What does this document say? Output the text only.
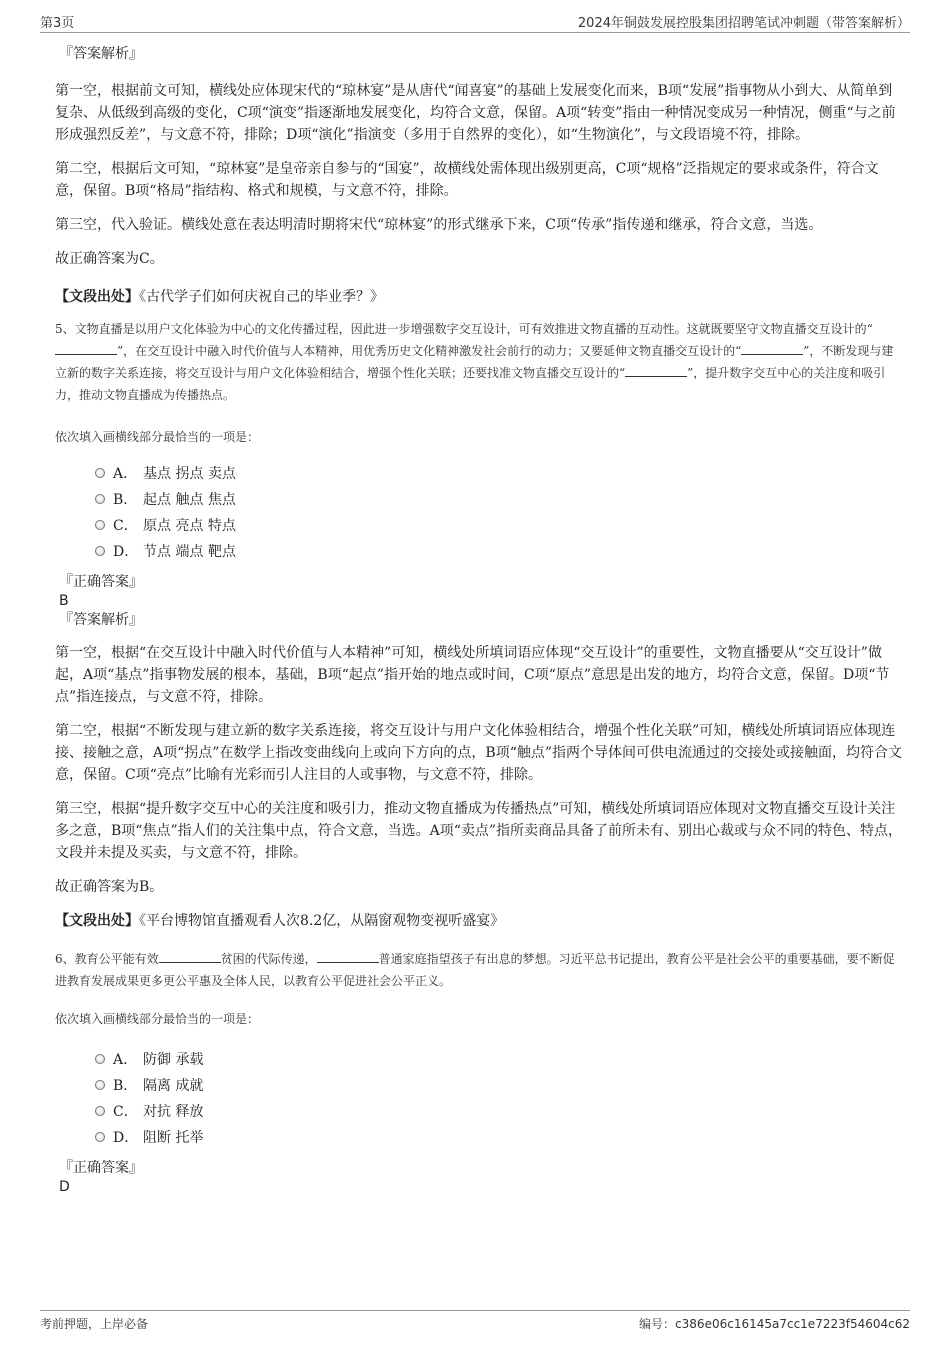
第3页	2024年铜鼓发展控股集团招聘笔试冲刺题（带答案解析）

『答案解析』

第一空，根据前文可知，横线处应体现宋代的“琼林宴”是从唐代“闻喜宴”的基础上发展变化而来，B项“发展”指事物从小到大、从简单到复杂、从低级到高级的变化，C项“演变”指逐渐地发展变化，均符合文意，保留。A项“转变”指由一种情况变成另一种情况，侧重“与之前形成强烈反差”，与文意不符，排除；D项“演化”指演变（多用于自然界的变化），如“生物演化”，与文段语境不符，排除。

第二空，根据后文可知，“琼林宴”是皇帝亲自参与的“国宴”，故横线处需体现出级别更高，C项“规格”泛指规定的要求或条件，符合文意，保留。B项“格局”指结构、格式和规模，与文意不符，排除。

第三空，代入验证。横线处意在表达明清时期将宋代“琼林宴”的形式继承下来，C项“传承”指传递和继承，符合文意，当选。

故正确答案为C。

【文段出处】《古代学子们如何庆祝自己的毕业季？》

5、文物直播是以用户文化体验为中心的文化传播过程，因此进一步增强数字交互设计，可有效推进文物直播的互动性。这就既要坚守文物直播交互设计的“”，在交互设计中融入时代价值与人本精神，用优秀历史文化精神激发社会前行的动力；又要延伸文物直播交互设计的“	”，不断发现与建立新的数字关系连接，将交互设计与用户文化体验相结合，增强个性化关联；还要找准文物直播交互设计的“	”，提升数字交互中心的关注度和吸引力，推动文物直播成为传播热点。

依次填入画横线部分最恰当的一项是：

A． 基点 拐点 卖点
B． 起点 触点 焦点
C． 原点 亮点 特点
D． 节点 端点 靶点

『正确答案』

B

『答案解析』

第一空，根据“在交互设计中融入时代价值与人本精神”可知，横线处所填词语应体现“交互设计”的重要性，文物直播要从“交互设计”做起，A项“基点”指事物发展的根本，基础，B项“起点”指开始的地点或时间，C项“原点”意思是出发的地方，均符合文意，保留。D项“节点”指连接点，与文意不符，排除。

第二空，根据“不断发现与建立新的数字关系连接，将交互设计与用户文化体验相结合，增强个性化关联”可知，横线处所填词语应体现连接、接触之意，A项“拐点”在数学上指改变曲线向上或向下方向的点，B项“触点”指两个导体间可供电流通过的交接处或接触面，均符合文意，保留。C项“亮点”比喻有光彩而引人注目的人或事物，与文意不符，排除。

第三空，根据“提升数字交互中心的关注度和吸引力，推动文物直播成为传播热点”可知，横线处所填词语应体现对文物直播交互设计关注多之意，B项“焦点”指人们的关注集中点，符合文意，当选。A项“卖点”指所卖商品具备了前所未有、别出心裁或与众不同的特色、特点，文段并未提及买卖，与文意不符，排除。

故正确答案为B。

【文段出处】《平台博物馆直播观看人次8.2亿，从隔窗观物变视听盛宴》

6、教育公平能有效	贫困的代际传递，	普通家庭指望孩子有出息的梦想。习近平总书记提出，教育公平是社会公平的重要基础，要不断促进教育发展成果更多更公平惠及全体人民，以教育公平促进社会公平正义。

依次填入画横线部分最恰当的一项是：

A． 防御 承载
B． 隔离 成就
C． 对抗 释放
D． 阻断 托举

『正确答案』

D

考前押题，上岸必备	编号：c386e06c16145a7cc1e7223f54604c62
